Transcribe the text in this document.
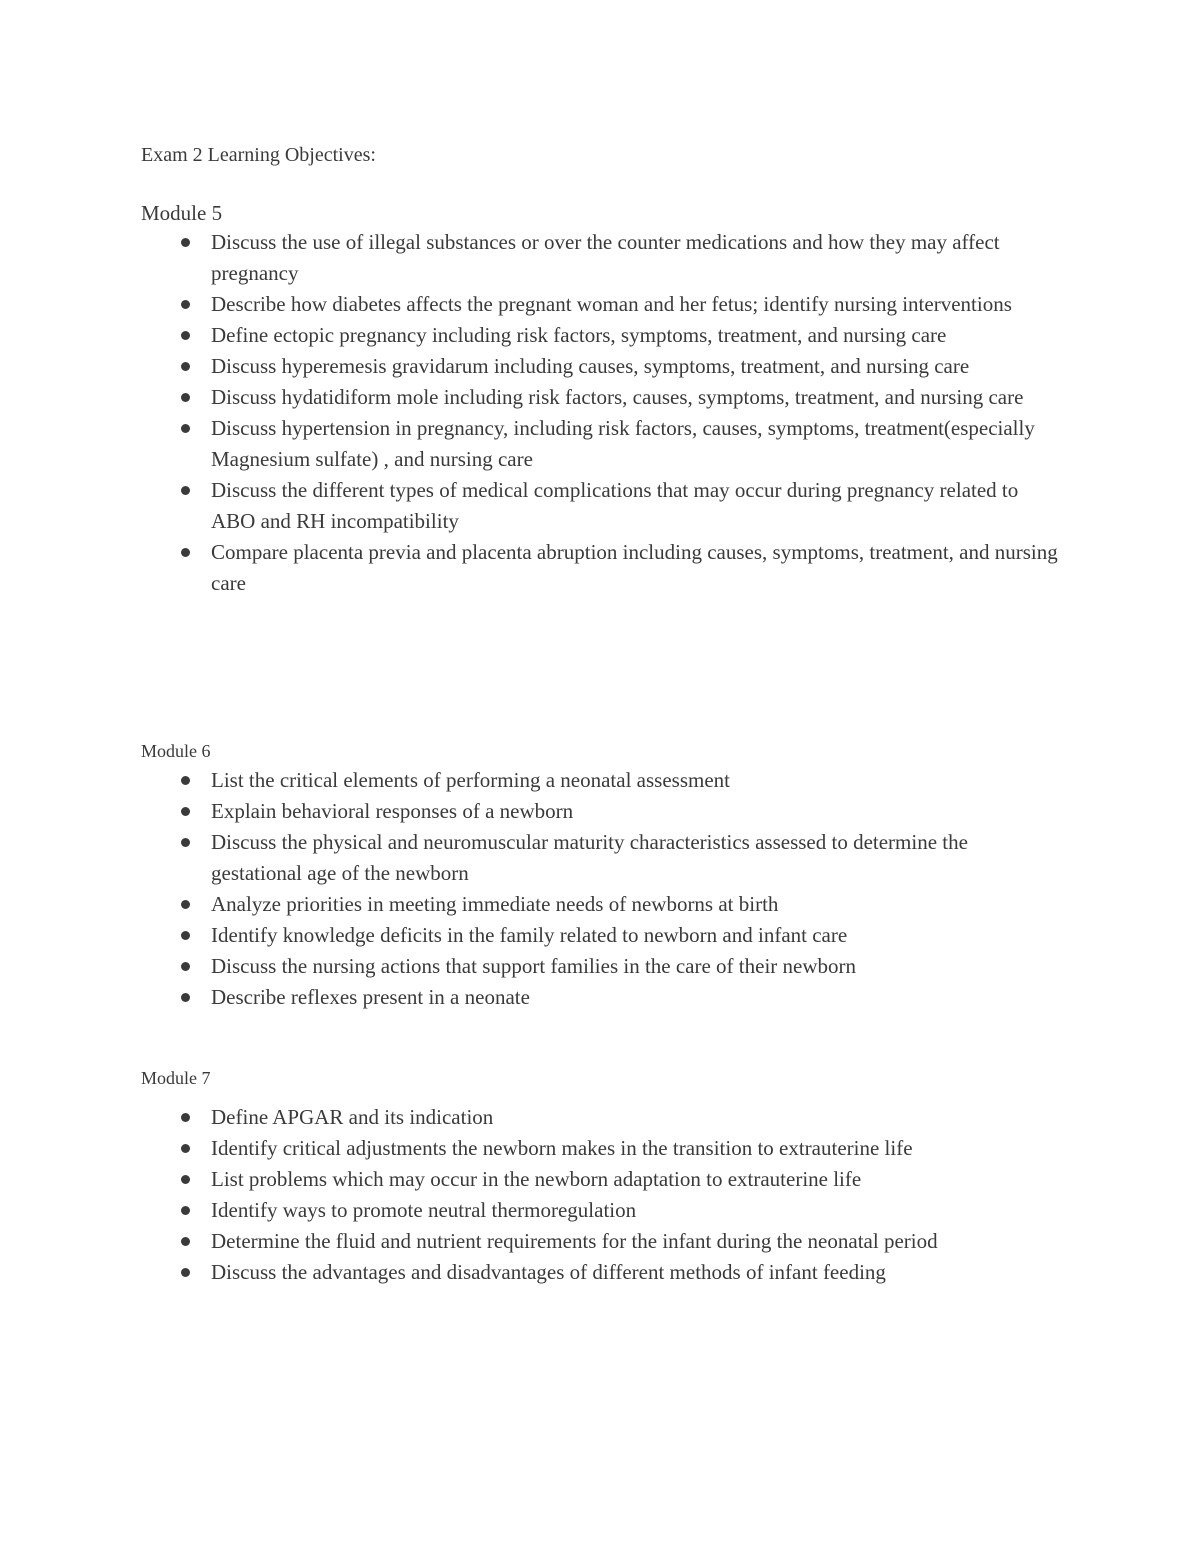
Exam 2 Learning Objectives:
Module 5
Discuss the use of illegal substances or over the counter medications and how they may affect pregnancy
Describe how diabetes affects the pregnant woman and her fetus; identify nursing interventions
Define ectopic pregnancy including risk factors, symptoms, treatment, and nursing care
Discuss hyperemesis gravidarum including causes, symptoms, treatment, and nursing care
Discuss hydatidiform mole including risk factors, causes, symptoms, treatment, and nursing care
Discuss hypertension in pregnancy, including risk factors, causes, symptoms, treatment(especially Magnesium sulfate) , and nursing care
Discuss the different types of medical complications that may occur during pregnancy related to ABO and RH incompatibility
Compare placenta previa and placenta abruption including causes, symptoms, treatment, and nursing care
Module 6
List the critical elements of performing a neonatal assessment
Explain behavioral responses of a newborn
Discuss the physical and neuromuscular maturity characteristics assessed to determine the gestational age of the newborn
Analyze priorities in meeting immediate needs of newborns at birth
Identify knowledge deficits in the family related to newborn and infant care
Discuss the nursing actions that support families in the care of their newborn
Describe reflexes present in a neonate
Module 7
Define APGAR and its indication
Identify critical adjustments the newborn makes in the transition to extrauterine life
List problems which may occur in the newborn adaptation to extrauterine life
Identify ways to promote neutral thermoregulation
Determine the fluid and nutrient requirements for the infant during the neonatal period
Discuss the advantages and disadvantages of different methods of infant feeding
